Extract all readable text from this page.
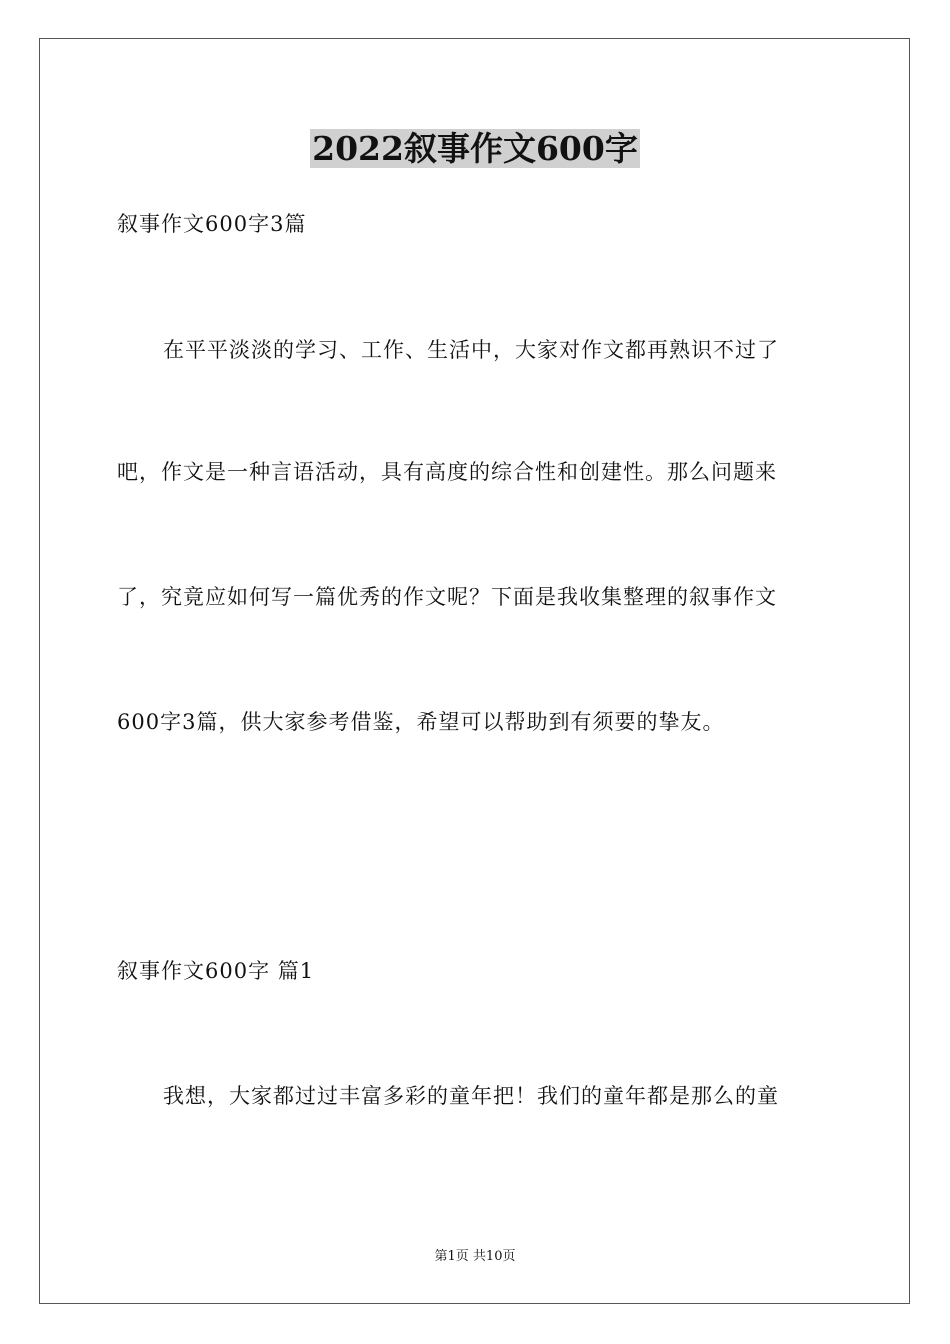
2022叙事作文600字
叙事作文600字3篇
在平平淡淡的学习、工作、生活中，大家对作文都再熟识不过了
吧，作文是一种言语活动，具有高度的综合性和创建性。那么问题来
了，究竟应如何写一篇优秀的作文呢？下面是我收集整理的叙事作文
600字3篇，供大家参考借鉴，希望可以帮助到有须要的挚友。
叙事作文600字 篇1
我想，大家都过过丰富多彩的童年把！我们的童年都是那么的童
第1页 共10页
